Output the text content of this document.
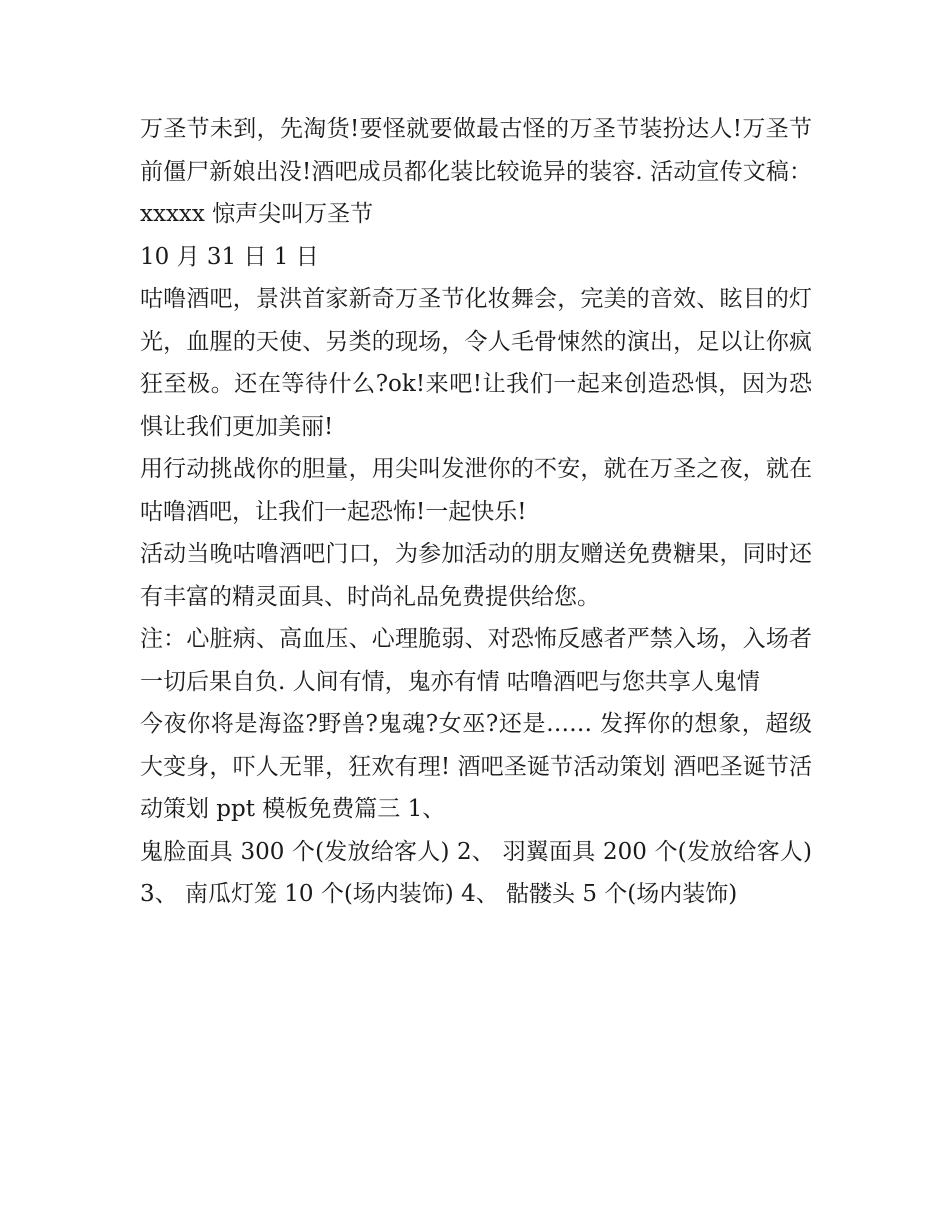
万圣节未到，先淘货!要怪就要做最古怪的万圣节装扮达人!万圣节前僵尸新娘出没!酒吧成员都化装比较诡异的装容. 活动宣传文稿： xxxxx 惊声尖叫万圣节

10 月 31 日 1 日

咕噜酒吧，景洪首家新奇万圣节化妆舞会，完美的音效、眩目的灯光，血腥的天使、另类的现场，令人毛骨悚然的演出，足以让你疯狂至极。还在等待什么?ok!来吧!让我们一起来创造恐惧，因为恐惧让我们更加美丽!

用行动挑战你的胆量，用尖叫发泄你的不安，就在万圣之夜，就在咕噜酒吧，让我们一起恐怖!一起快乐!

活动当晚咕噜酒吧门口，为参加活动的朋友赠送免费糖果，同时还有丰富的精灵面具、时尚礼品免费提供给您。

注：心脏病、高血压、心理脆弱、对恐怖反感者严禁入场，入场者一切后果自负. 人间有情，鬼亦有情 咕噜酒吧与您共享人鬼情

今夜你将是海盗?野兽?鬼魂?女巫?还是…… 发挥你的想象，超级大变身，吓人无罪，狂欢有理! 酒吧圣诞节活动策划 酒吧圣诞节活动策划 ppt 模板免费篇三 1、

鬼脸面具 300 个(发放给客人) 2、 羽翼面具 200 个(发放给客人) 3、 南瓜灯笼 10 个(场内装饰) 4、 骷髅头 5 个(场内装饰)
